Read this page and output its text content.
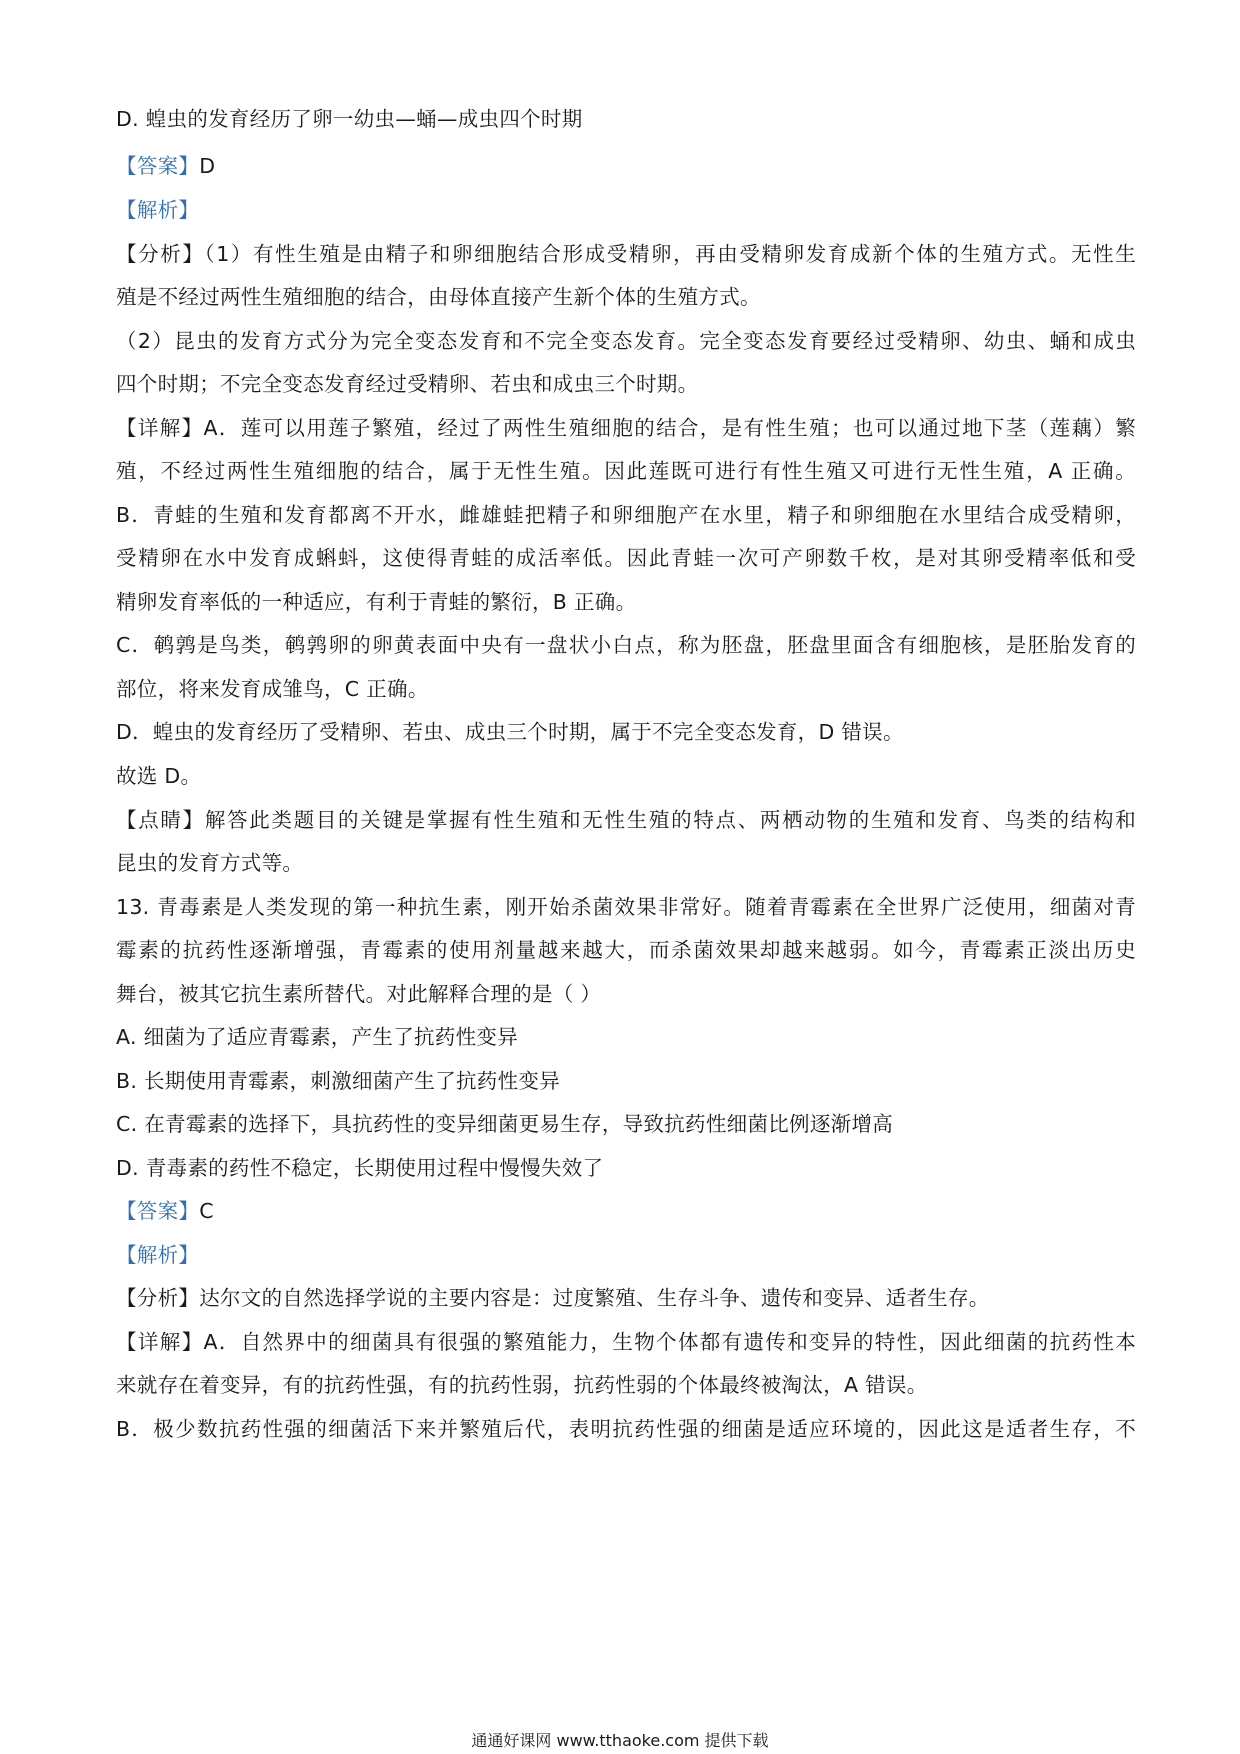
D. 蝗虫的发育经历了卵一幼虫—蛹—成虫四个时期
【答案】D
【解析】
【分析】（1）有性生殖是由精子和卵细胞结合形成受精卵，再由受精卵发育成新个体的生殖方式。无性生
殖是不经过两性生殖细胞的结合，由母体直接产生新个体的生殖方式。
（2）昆虫的发育方式分为完全变态发育和不完全变态发育。完全变态发育要经过受精卵、幼虫、蛹和成虫
四个时期；不完全变态发育经过受精卵、若虫和成虫三个时期。
【详解】A．莲可以用莲子繁殖，经过了两性生殖细胞的结合，是有性生殖；也可以通过地下茎（莲藕）繁
殖，不经过两性生殖细胞的结合，属于无性生殖。因此莲既可进行有性生殖又可进行无性生殖，A 正确。
B．青蛙的生殖和发育都离不开水，雌雄蛙把精子和卵细胞产在水里，精子和卵细胞在水里结合成受精卵，
受精卵在水中发育成蝌蚪，这使得青蛙的成活率低。因此青蛙一次可产卵数千枚，是对其卵受精率低和受
精卵发育率低的一种适应，有利于青蛙的繁衍，B 正确。
C．鹌鹑是鸟类，鹌鹑卵的卵黄表面中央有一盘状小白点，称为胚盘，胚盘里面含有细胞核，是胚胎发育的
部位，将来发育成雏鸟，C 正确。
D．蝗虫的发育经历了受精卵、若虫、成虫三个时期，属于不完全变态发育，D 错误。
故选 D。
【点睛】解答此类题目的关键是掌握有性生殖和无性生殖的特点、两栖动物的生殖和发育、鸟类的结构和
昆虫的发育方式等。
13. 青毒素是人类发现的第一种抗生素，刚开始杀菌效果非常好。随着青霉素在全世界广泛使用，细菌对青
霉素的抗药性逐渐增强，青霉素的使用剂量越来越大，而杀菌效果却越来越弱。如今，青霉素正淡出历史
舞台，被其它抗生素所替代。对此解释合理的是（ ）
A. 细菌为了适应青霉素，产生了抗药性变异
B. 长期使用青霉素，刺激细菌产生了抗药性变异
C. 在青霉素的选择下，具抗药性的变异细菌更易生存，导致抗药性细菌比例逐渐增高
D. 青毒素的药性不稳定，长期使用过程中慢慢失效了
【答案】C
【解析】
【分析】达尔文的自然选择学说的主要内容是：过度繁殖、生存斗争、遗传和变异、适者生存。
【详解】A．自然界中的细菌具有很强的繁殖能力，生物个体都有遗传和变异的特性，因此细菌的抗药性本
来就存在着变异，有的抗药性强，有的抗药性弱，抗药性弱的个体最终被淘汰，A 错误。
B．极少数抗药性强的细菌活下来并繁殖后代，表明抗药性强的细菌是适应环境的，因此这是适者生存，不
通通好课网 www.tthaoke.com 提供下载
